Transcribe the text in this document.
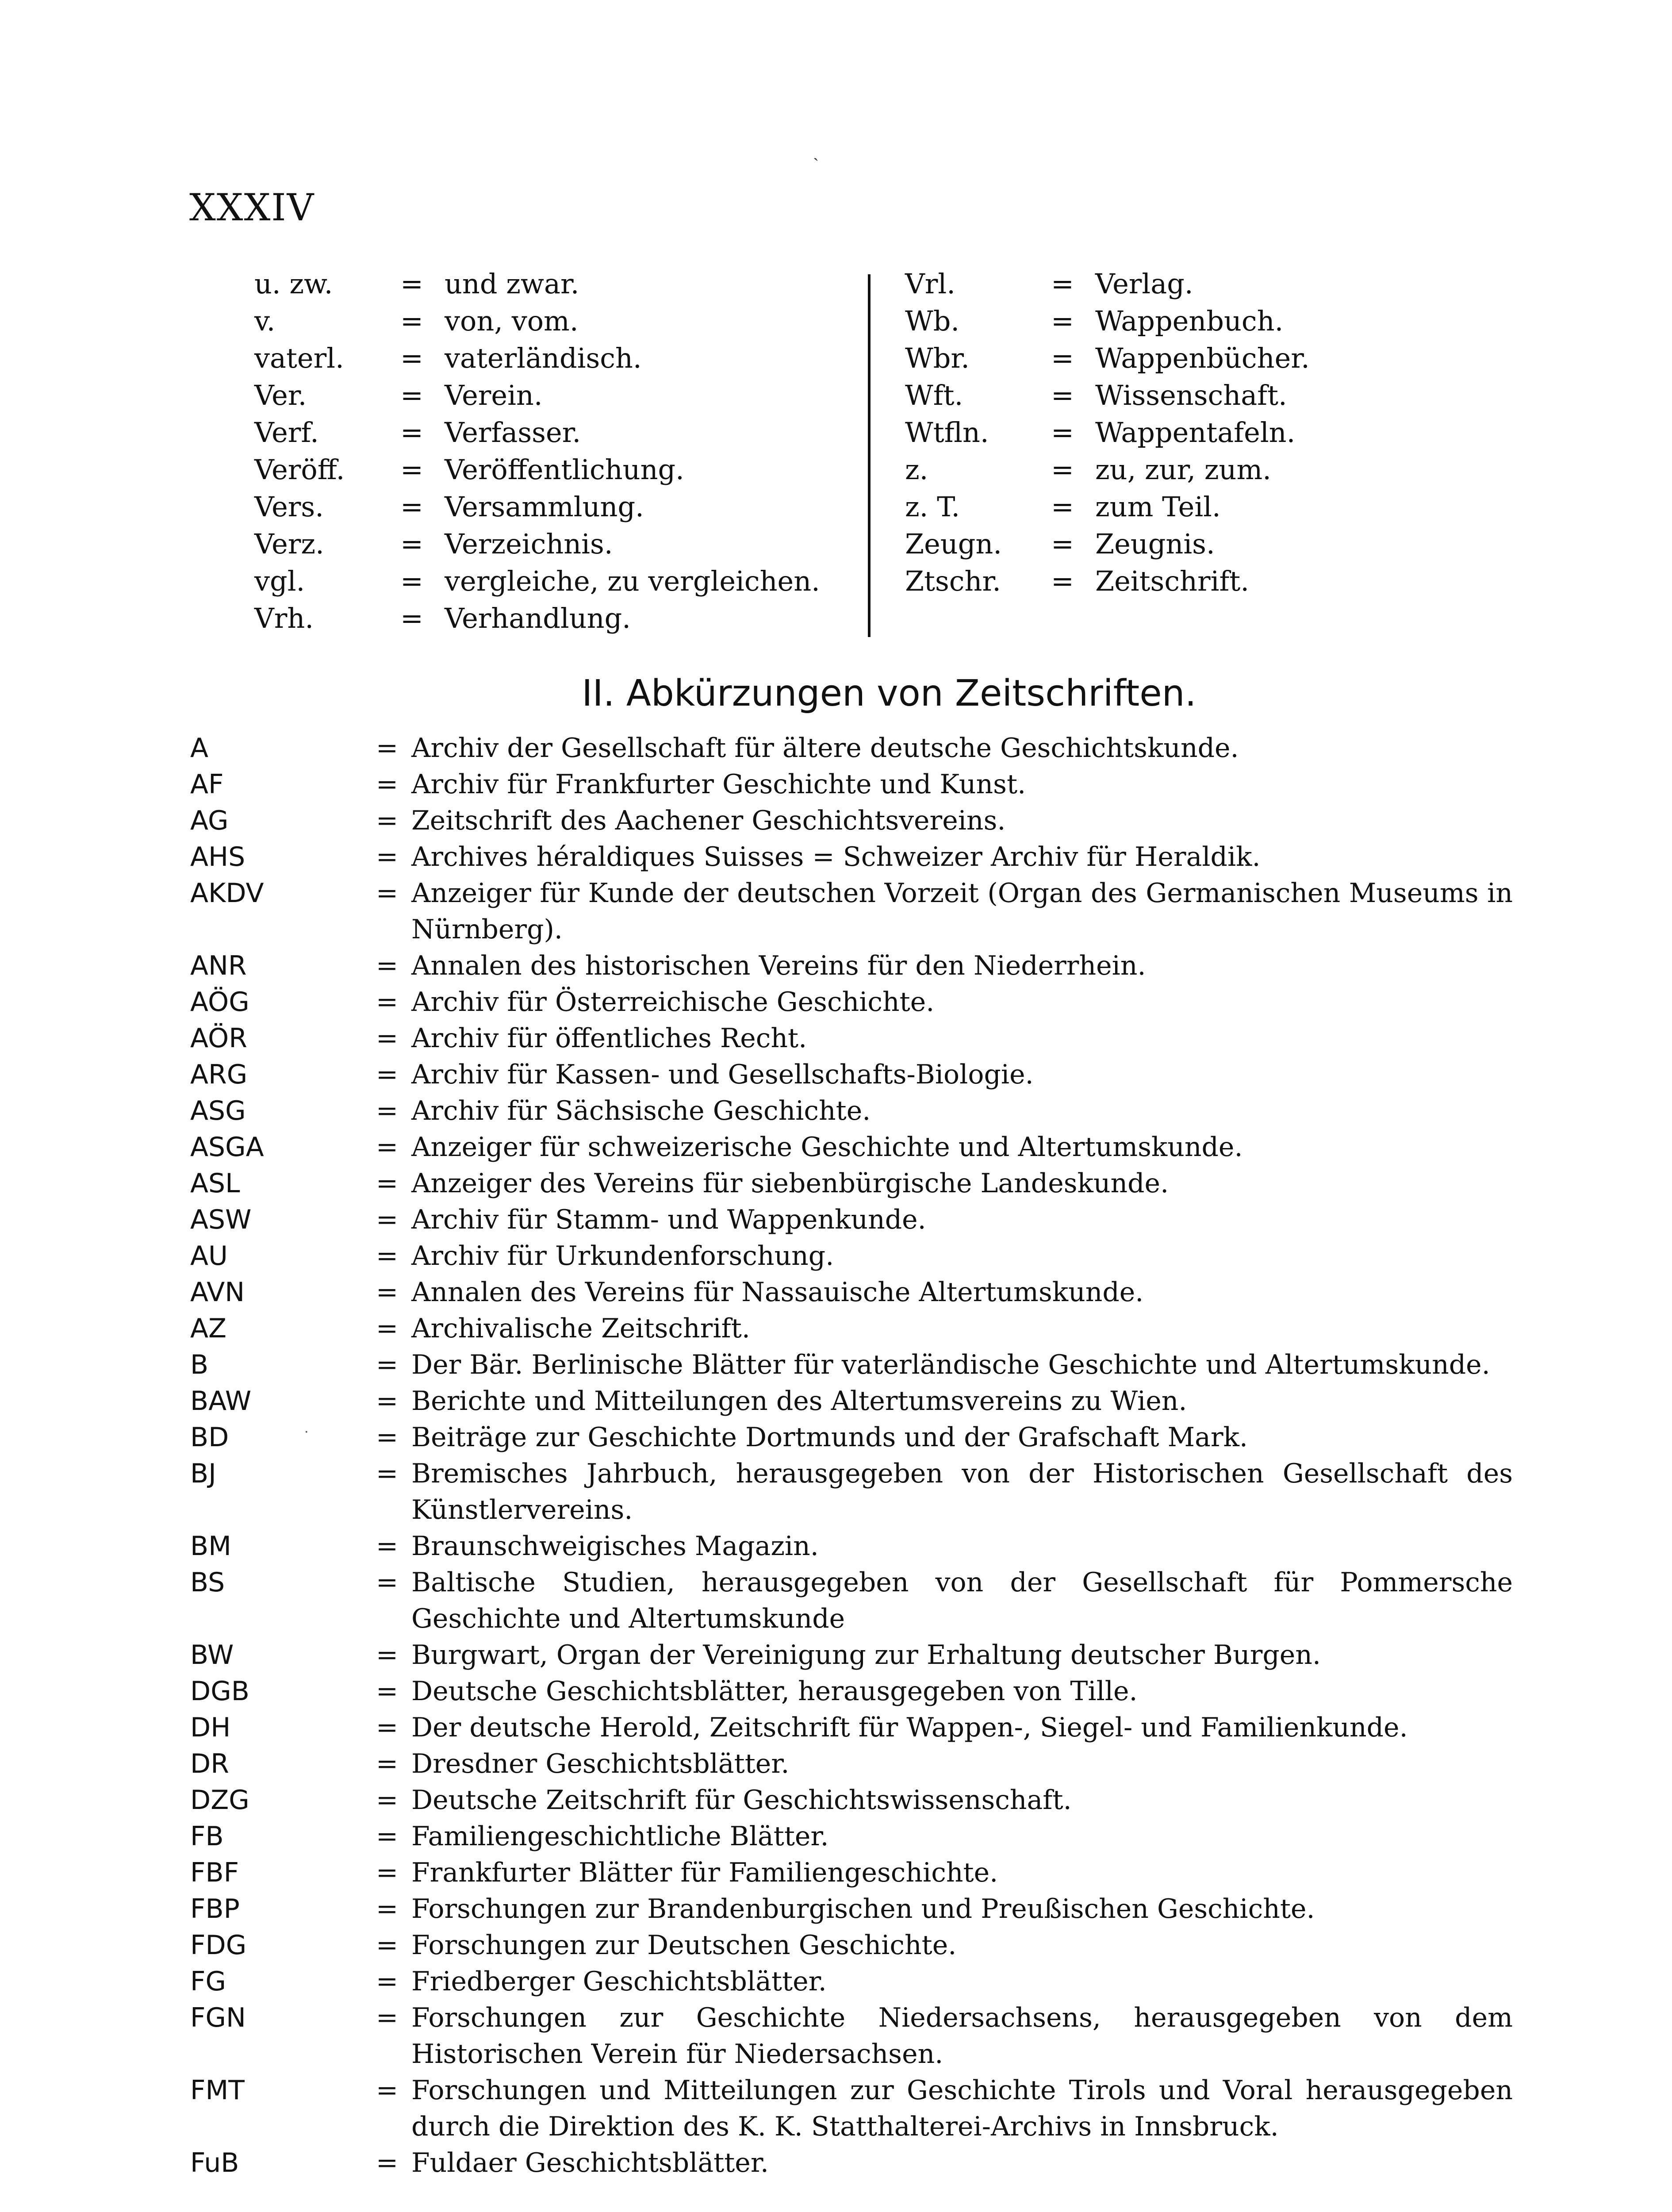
XXXIV
ˏ
·
u. zw. = und zwar.
v.	= von, vom.
vaterl. = vaterländisch.
Ver.	= Verein.
Verf.	= Verfasser.
Veröff. = Veröffentlichung.
Vers.	= Versammlung.
Verz.	= Verzeichnis.
vgl.	= vergleiche, zu vergleichen.
Vrh.	= Verhandlung.
Vrl.	= Verlag.
Wb.	= Wappenbuch.
Wbr.	= Wappenbücher.
Wft.	= Wissenschaft.
Wtfln. = Wappentafeln.
z.	= zu, zur, zum.
z. T.	= zum Teil.
Zeugn. = Zeugnis.
Ztschr. = Zeitschrift.
II. Abkürzungen von Zeitschriften.
A	= Archiv der Gesellschaft für ältere deutsche Geschichtskunde.
AF	= Archiv für Frankfurter Geschichte und Kunst.
AG	= Zeitschrift des Aachener Geschichtsvereins.
AHS	= Archives héraldiques Suisses = Schweizer Archiv für Heraldik.
AKDV	= Anzeiger für Kunde der deutschen Vorzeit (Organ des Germanischen Museums in Nürnberg).
ANR	= Annalen des historischen Vereins für den Niederrhein.
AÖG	= Archiv für Österreichische Geschichte.
AÖR	= Archiv für öffentliches Recht.
ARG	= Archiv für Kassen- und Gesellschafts-Biologie.
ASG	= Archiv für Sächsische Geschichte.
ASGA	= Anzeiger für schweizerische Geschichte und Altertumskunde.
ASL	= Anzeiger des Vereins für siebenbürgische Landeskunde.
ASW	= Archiv für Stamm- und Wappenkunde.
AU	= Archiv für Urkundenforschung.
AVN	= Annalen des Vereins für Nassauische Altertumskunde.
AZ	= Archivalische Zeitschrift.
B	= Der Bär. Berlinische Blätter für vaterländische Geschichte und Altertumskunde.
BAW	= Berichte und Mitteilungen des Altertumsvereins zu Wien.
BD	= Beiträge zur Geschichte Dortmunds und der Grafschaft Mark.
BJ	= Bremisches Jahrbuch, herausgegeben von der Historischen Gesellschaft des Künstlervereins.
BM	= Braunschweigisches Magazin.
BS	= Baltische Studien, herausgegeben von der Gesellschaft für Pommersche Geschichte und Altertumskunde
BW	= Burgwart, Organ der Vereinigung zur Erhaltung deutscher Burgen.
DGB	= Deutsche Geschichtsblätter, herausgegeben von Tille.
DH	= Der deutsche Herold, Zeitschrift für Wappen-, Siegel- und Familienkunde.
DR	= Dresdner Geschichtsblätter.
DZG	= Deutsche Zeitschrift für Geschichtswissenschaft.
FB	= Familiengeschichtliche Blätter.
FBF	= Frankfurter Blätter für Familiengeschichte.
FBP	= Forschungen zur Brandenburgischen und Preußischen Geschichte.
FDG	= Forschungen zur Deutschen Geschichte.
FG	= Friedberger Geschichtsblätter.
FGN	= Forschungen zur Geschichte Niedersachsens, herausgegeben von dem Historischen Verein für Niedersachsen.
FMT	= Forschungen und Mitteilungen zur Geschichte Tirols und Voral herausgegeben durch die Direktion des K. K. Statthalterei-Archivs in Innsbruck.
FuB	= Fuldaer Geschichtsblätter.
